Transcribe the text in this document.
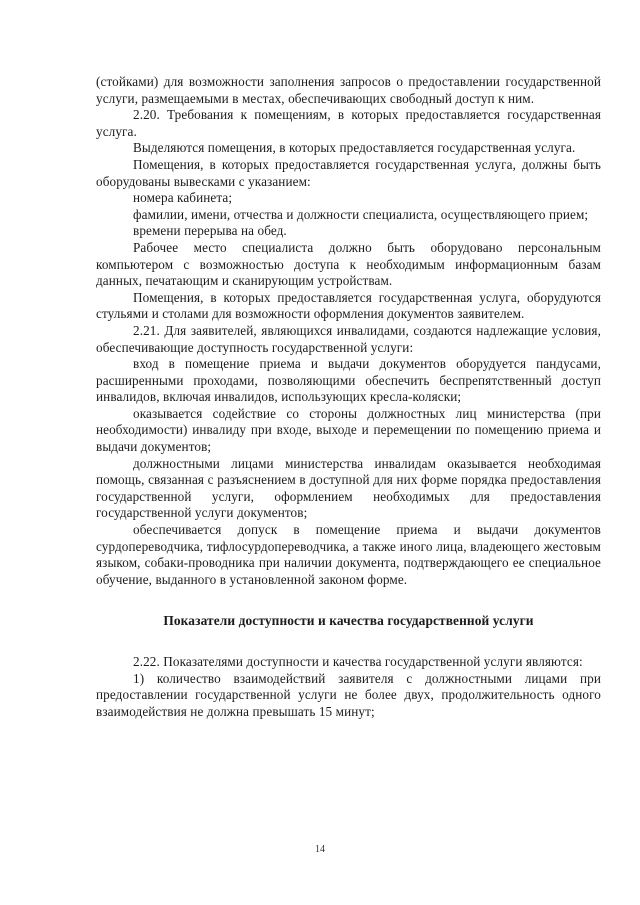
(стойками) для возможности заполнения запросов о предоставлении государственной услуги, размещаемыми в местах, обеспечивающих свободный доступ к ним.

2.20. Требования к помещениям, в которых предоставляется государственная услуга.

Выделяются помещения, в которых предоставляется государственная услуга.

Помещения, в которых предоставляется государственная услуга, должны быть оборудованы вывесками с указанием:

номера кабинета;

фамилии, имени, отчества и должности специалиста, осуществляющего прием;

времени перерыва на обед.

Рабочее место специалиста должно быть оборудовано персональным компьютером с возможностью доступа к необходимым информационным базам данных, печатающим и сканирующим устройствам.

Помещения, в которых предоставляется государственная услуга, оборудуются стульями и столами для возможности оформления документов заявителем.

2.21. Для заявителей, являющихся инвалидами, создаются надлежащие условия, обеспечивающие доступность государственной услуги:

вход в помещение приема и выдачи документов оборудуется пандусами, расширенными проходами, позволяющими обеспечить беспрепятственный доступ инвалидов, включая инвалидов, использующих кресла-коляски;

оказывается содействие со стороны должностных лиц министерства (при необходимости) инвалиду при входе, выходе и перемещении по помещению приема и выдачи документов;

должностными лицами министерства инвалидам оказывается необходимая помощь, связанная с разъяснением в доступной для них форме порядка предоставления государственной услуги, оформлением необходимых для предоставления государственной услуги документов;

обеспечивается допуск в помещение приема и выдачи документов сурдопереводчика, тифлосурдопереводчика, а также иного лица, владеющего жестовым языком, собаки-проводника при наличии документа, подтверждающего ее специальное обучение, выданного в установленной законом форме.

Показатели доступности и качества государственной услуги

2.22. Показателями доступности и качества государственной услуги являются:

1) количество взаимодействий заявителя с должностными лицами при предоставлении государственной услуги не более двух, продолжительность одного взаимодействия не должна превышать 15 минут;

14
